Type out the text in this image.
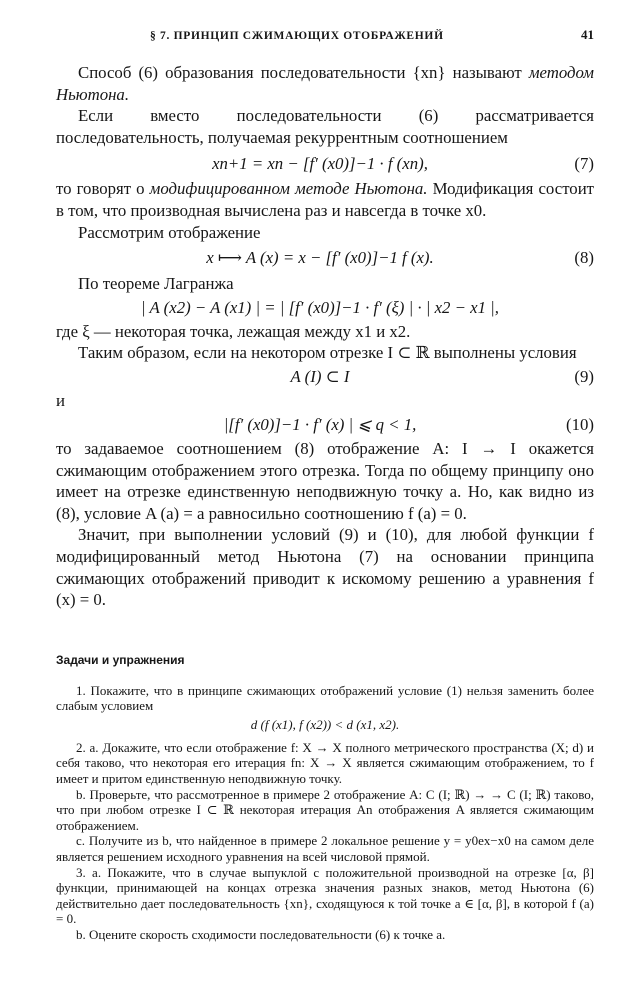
§ 7. ПРИНЦИП СЖИМАЮЩИХ ОТОБРАЖЕНИЙ	41

Способ (6) образования последовательности {xn} называют методом Ньютона.

Если вместо последовательности (6) рассматривается последовательность, получаемая рекуррентным соотношением

xn+1 = xn − [f′ (x0)]−1 · f (xn),	(7)

то говорят о модифицированном методе Ньютона. Модификация состоит в том, что производная вычислена раз и навсегда в точке x0.

Рассмотрим отображение

x ⟼ A (x) = x − [f′ (x0)]−1 f (x).	(8)

По теореме Лагранжа

| A (x2) − A (x1) | = | [f′ (x0)]−1 · f′ (ξ) | · | x2 − x1 |,

где ξ — некоторая точка, лежащая между x1 и x2.

Таким образом, если на некотором отрезке I ⊂ ℝ выполнены условия

A (I) ⊂ I	(9)

и

|[f′ (x0)]−1 · f′ (x) | ⩽ q < 1,	(10)

то задаваемое соотношением (8) отображение A: I → I окажется сжимающим отображением этого отрезка. Тогда по общему принципу оно имеет на отрезке единственную неподвижную точку a. Но, как видно из (8), условие A (a) = a равносильно соотношению f (a) = 0.

Значит, при выполнении условий (9) и (10), для любой функции f модифицированный метод Ньютона (7) на основании принципа сжимающих отображений приводит к искомому решению a уравнения f (x) = 0.

Задачи и упражнения

1. Покажите, что в принципе сжимающих отображений условие (1) нельзя заменить более слабым условием

d (f (x1), f (x2)) < d (x1, x2).

2. a. Докажите, что если отображение f: X → X полного метрического пространства (X; d) и себя таково, что некоторая его итерация fn: X → X является сжимающим отображением, то f имеет и притом единственную неподвижную точку.

b. Проверьте, что рассмотренное в примере 2 отображение A: C (I; ℝ) → → C (I; ℝ) таково, что при любом отрезке I ⊂ ℝ некоторая итерация An отображения A является сжимающим отображением.

c. Получите из b, что найденное в примере 2 локальное решение y = y0ex−x0 на самом деле является решением исходного уравнения на всей числовой прямой.

3. a. Покажите, что в случае выпуклой с положительной производной на отрезке [α, β] функции, принимающей на концах отрезка значения разных знаков, метод Ньютона (6) действительно дает последовательность {xn}, сходящуюся к той точке a ∈ [α, β], в которой f (a) = 0.

b. Оцените скорость сходимости последовательности (6) к точке a.
